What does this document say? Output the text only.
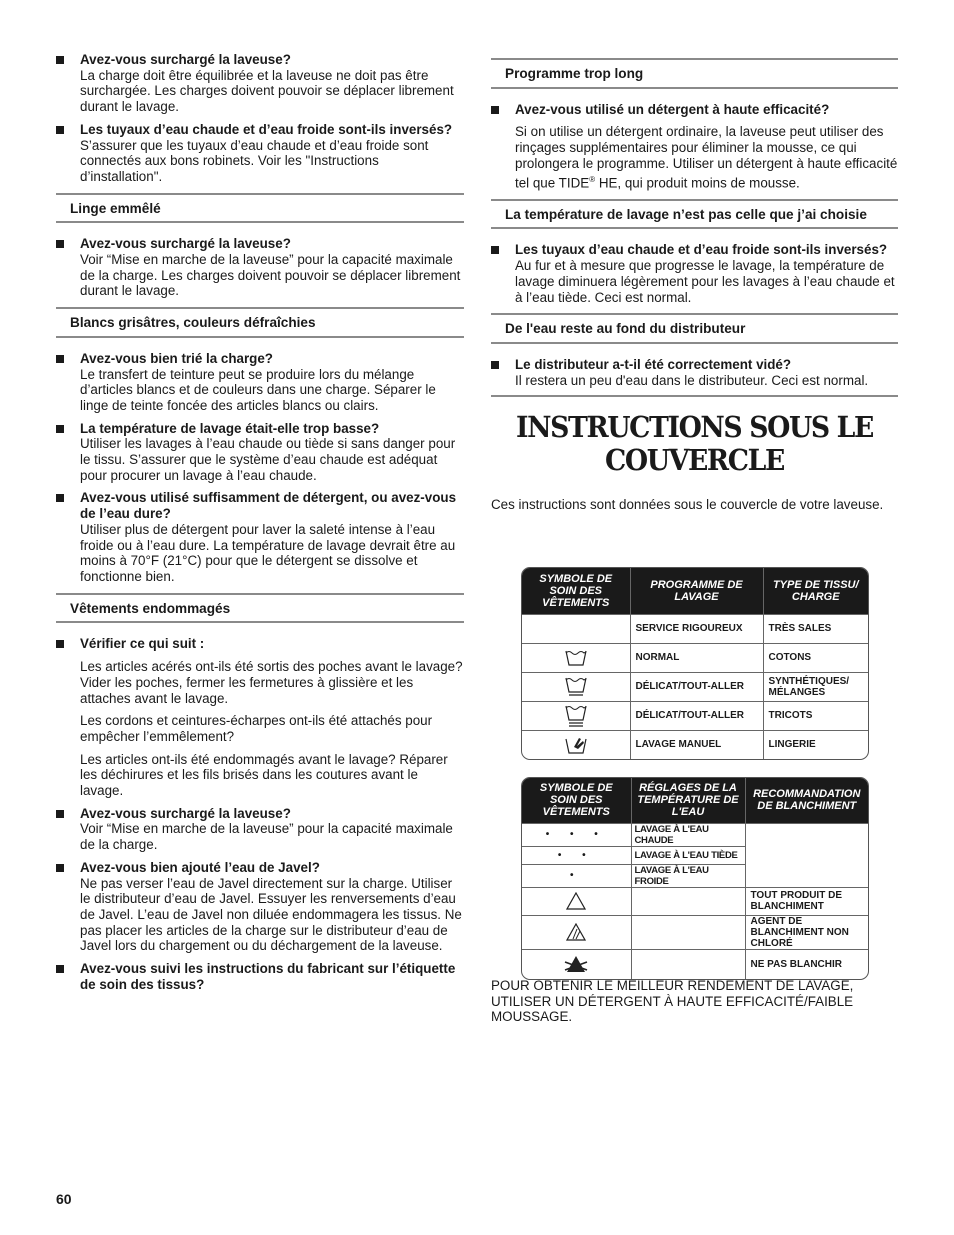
Avez-vous surchargé la laveuse?
La charge doit être équilibrée et la laveuse ne doit pas être surchargée. Les charges doivent pouvoir se déplacer librement durant le lavage.
Les tuyaux d’eau chaude et d’eau froide sont-ils inversés?
S’assurer que les tuyaux d’eau chaude et d’eau froide sont connectés aux bons robinets. Voir les "Instructions d’installation".
Linge emmêlé
Avez-vous surchargé la laveuse?
Voir “Mise en marche de la laveuse” pour la capacité maximale de la charge. Les charges doivent pouvoir se déplacer librement durant le lavage.
Blancs grisâtres, couleurs défraîchies
Avez-vous bien trié la charge?
Le transfert de teinture peut se produire lors du mélange d’articles blancs et de couleurs dans une charge. Séparer le linge de teinte foncée des articles blancs ou clairs.
La température de lavage était-elle trop basse?
Utiliser les lavages à l’eau chaude ou tiède si sans danger pour le tissu. S’assurer que le système d’eau chaude est adéquat pour procurer un lavage à l’eau chaude.
Avez-vous utilisé suffisamment de détergent, ou avez-vous de l’eau dure?
Utiliser plus de détergent pour laver la saleté intense à l’eau froide ou à l’eau dure. La température de lavage devrait être au moins à 70°F (21°C) pour que le détergent se dissolve et fonctionne bien.
Vêtements endommagés
Vérifier ce qui suit :
Les articles acérés ont-ils été sortis des poches avant le lavage?
Vider les poches, fermer les fermetures à glissière et les attaches avant le lavage.
Les cordons et ceintures-écharpes ont-ils été attachés pour empêcher l’emmêlement?
Les articles ont-ils été endommagés avant le lavage? Réparer les déchirures et les fils brisés dans les coutures avant le lavage.
Avez-vous surchargé la laveuse?
Voir “Mise en marche de la laveuse” pour la capacité maximale de la charge.
Avez-vous bien ajouté l’eau de Javel?
Ne pas verser l’eau de Javel directement sur la charge. Utiliser le distributeur d’eau de Javel. Essuyer les renversements d’eau de Javel. L’eau de Javel non diluée endommagera les tissus. Ne pas placer les articles de la charge sur le distributeur d’eau de Javel lors du chargement ou du déchargement de la laveuse.
Avez-vous suivi les instructions du fabricant sur l’étiquette de soin des tissus?
Programme trop long
Avez-vous utilisé un détergent à haute efficacité?
Si on utilise un détergent ordinaire, la laveuse peut utiliser des rinçages supplémentaires pour éliminer la mousse, ce qui prolongera le programme. Utiliser un détergent à haute efficacité tel que TIDE® HE, qui produit moins de mousse.
La température de lavage n’est pas celle que j’ai choisie
Les tuyaux d’eau chaude et d’eau froide sont-ils inversés?
Au fur et à mesure que progresse le lavage, la température de lavage diminuera légèrement pour les lavages à l’eau chaude et à l’eau tiède. Ceci est normal.
De l'eau reste au fond du distributeur
Le distributeur a-t-il été correctement vidé?
Il restera un peu d'eau dans le distributeur. Ceci est normal.
INSTRUCTIONS SOUS LE
COUVERCLE
Ces instructions sont données sous le couvercle de votre laveuse.
SYMBOLE DE SOIN DES VÊTEMENTS	PROGRAMME DE LAVAGE	TYPE DE TISSU/ CHARGE
	SERVICE RIGOUREUX	TRÈS SALES

	NORMAL	COTONS

	DÉLICAT/TOUT-ALLER	SYNTHÉTIQUES/ MÉLANGES

	DÉLICAT/TOUT-ALLER	TRICOTS

	LAVAGE MANUEL	LINGERIE
SYMBOLE DE SOIN DES VÊTEMENTS	RÉGLAGES DE LA TEMPÉRATURE DE L'EAU	RECOMMANDATION DE BLANCHIMENT
• • •	LAVAGE À L'EAU CHAUDE	
• •	LAVAGE À L'EAU TIÈDE	
•	LAVAGE À L'EAU FROIDE	

		TOUT PRODUIT DE BLANCHIMENT

		AGENT DE BLANCHIMENT NON CHLORÉ

		NE PAS BLANCHIR
POUR OBTENIR LE MEILLEUR RENDEMENT DE LAVAGE, UTILISER UN DÉTERGENT À HAUTE EFFICACITÉ/FAIBLE MOUSSAGE.
60
